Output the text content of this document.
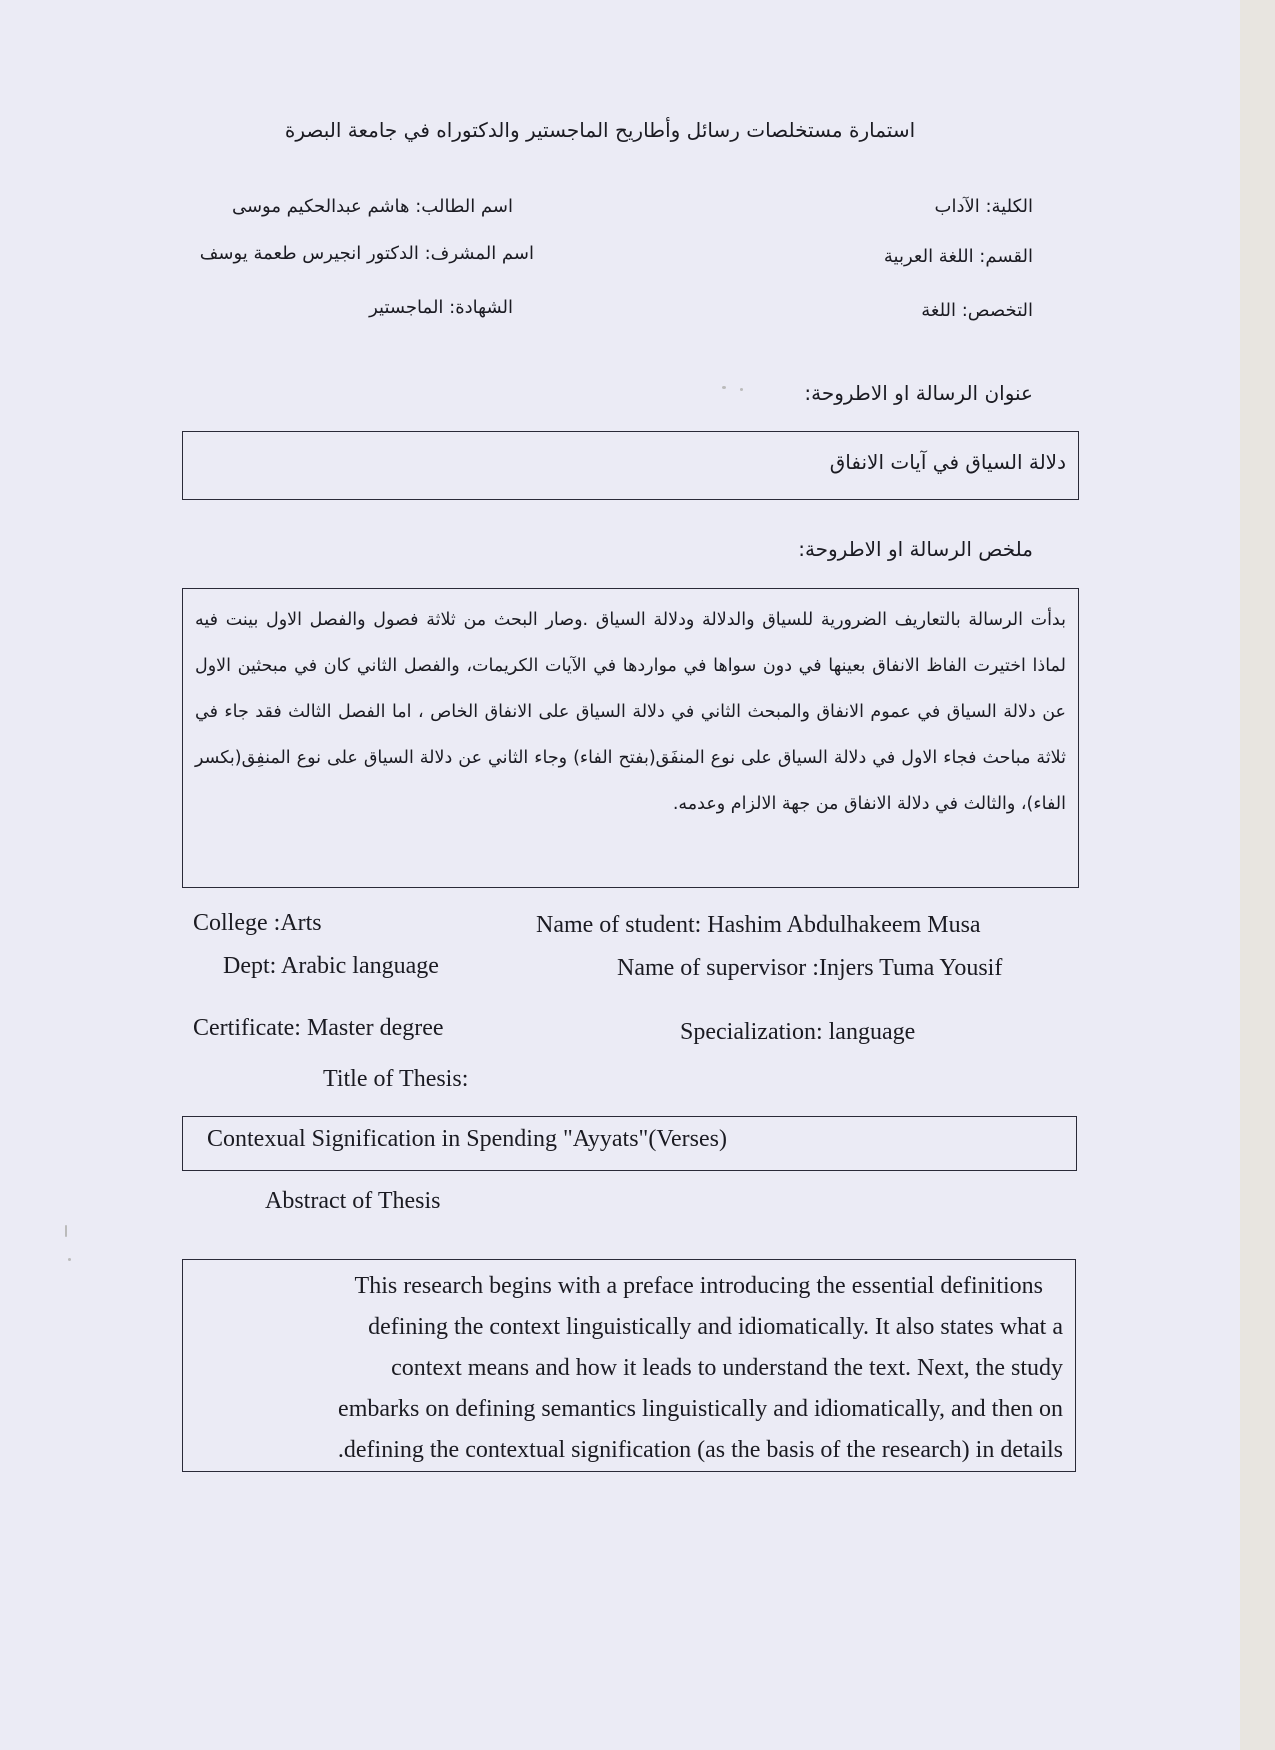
استمارة مستخلصات رسائل وأطاريح الماجستير والدكتوراه في جامعة البصرة
الكلية: الآداب
القسم: اللغة العربية
التخصص: اللغة
اسم الطالب: هاشم عبدالحكيم موسى
اسم المشرف: الدكتور انجيرس طعمة يوسف
الشهادة: الماجستير
عنوان الرسالة او الاطروحة:
دلالة السياق في آيات الانفاق
ملخص الرسالة او الاطروحة:

بدأت الرسالة بالتعاريف الضرورية للسياق والدلالة ودلالة السياق .وصار البحث من ثلاثة فصول والفصل الاول بينت فيه لماذا اختيرت الفاظ الانفاق بعينها في دون سواها في مواردها في الآيات الكريمات، والفصل الثاني كان في مبحثين الاول عن دلالة السياق في عموم الانفاق والمبحث الثاني في دلالة السياق على الانفاق الخاص ، اما الفصل الثالث فقد جاء في ثلاثة مباحث فجاء الاول في دلالة السياق على نوع المنفَق(بفتح الفاء) وجاء الثاني عن دلالة السياق على نوع المنفِق(بكسر الفاء)، والثالث في دلالة الانفاق من جهة الالزام وعدمه.

College :Arts
Dept: Arabic language
Certificate: Master degree
Title of Thesis:
Name of student: Hashim Abdulhakeem Musa
Name of supervisor :Injers Tuma Yousif
Specialization: language
Contexual Signification in Spending "Ayyats"(Verses)
Abstract of Thesis

This research begins with a preface introducing the essential definitions

defining the context linguistically and idiomatically. It also states what a

context means and how it leads to understand the text. Next, the study

embarks on defining semantics linguistically and idiomatically, and then on

.defining the contextual signification (as the basis of the research) in details
